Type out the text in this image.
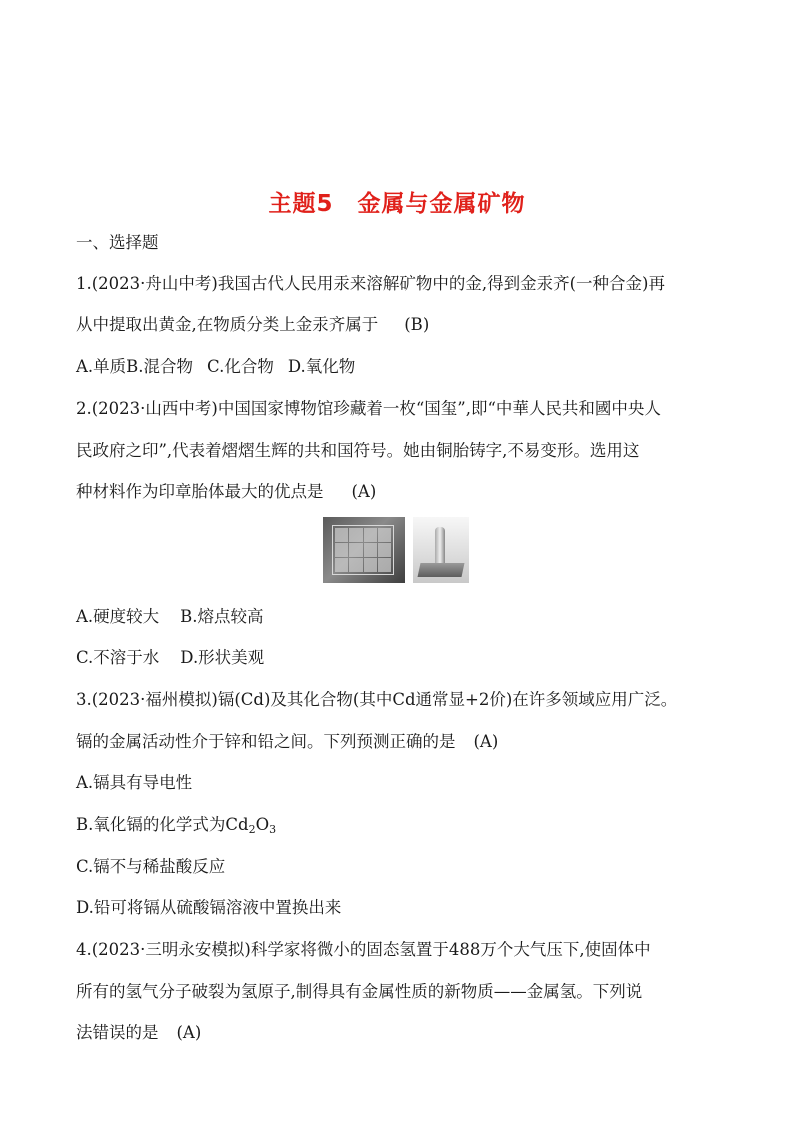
主题5　金属与金属矿物
一、选择题
1.(2023·舟山中考)我国古代人民用汞来溶解矿物中的金,得到金汞齐(一种合金)再
从中提取出黄金,在物质分类上金汞齐属于 (B)
A.单质B.混合物 C.化合物 D.氧化物
2.(2023·山西中考)中国国家博物馆珍藏着一枚“国玺”,即“中華人民共和國中央人
民政府之印”,代表着熠熠生辉的共和国符号。她由铜胎铸字,不易变形。选用这
种材料作为印章胎体最大的优点是 (A)
A.硬度较大 B.熔点较高
C.不溶于水 D.形状美观
3.(2023·福州模拟)镉(Cd)及其化合物(其中Cd通常显+2价)在许多领域应用广泛。
镉的金属活动性介于锌和铅之间。下列预测正确的是 (A)
A.镉具有导电性
B.氧化镉的化学式为$Cd_2O_3$
C.镉不与稀盐酸反应
D.铅可将镉从硫酸镉溶液中置换出来
4.(2023·三明永安模拟)科学家将微小的固态氢置于488万个大气压下,使固体中
所有的氢气分子破裂为氢原子,制得具有金属性质的新物质——金属氢。下列说
法错误的是 (A)
